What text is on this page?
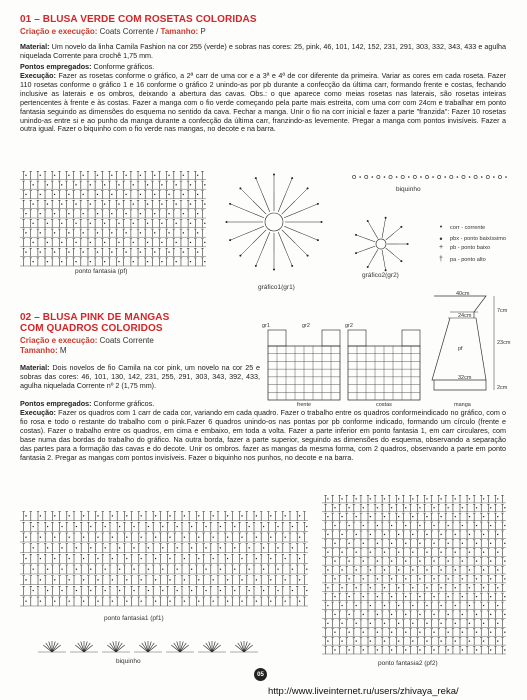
01 – BLUSA VERDE COM ROSETAS COLORIDAS
Criação e execução: Coats Corrente / Tamanho: P
Material: Um novelo da linha Camila Fashion na cor 255 (verde) e sobras nas cores: 25, pink, 46, 101, 142, 152, 231, 291, 303, 332, 343, 433 e agulha niquelada Corrente para crochê 1,75 mm.
Pontos empregados: Conforme gráficos.
Execução: Fazer as rosetas conforme o gráfico, a 2ª carr de uma cor e a 3ª e 4ª de cor diferente da primeira. Variar as cores em cada roseta. Fazer 110 rosetas conforme o gráfico 1 e 16 conforme o gráfico 2 unindo-as por pb durante a confecção da última carr, formando frente e costas, fechando inclusive as laterais e os ombros, deixando a abertura das cavas. Obs.: o que aparece como meias rosetas nas laterais, são rosetas inteiras pertencentes à frente e às costas. Fazer a manga com o fio verde começando pela parte mais estreita, com uma corr com 24cm e trabalhar em ponto fantasia seguindo as dimensões do esquema no sentido da cava. Fechar a manga. Unir o fio na corr inicial e fazer a parte "franzida": Fazer 10 rosetas unindo-as entre si e ao punho da manga durante a confecção da última carr, franzindo-as levemente. Pregar a manga com pontos invisíveis. Fazer a outra igual. Fazer o biquinho com o fio verde nas mangas, no decote e na barra.
ponto fantasia (pf)
gráfico1(gr1)
biquinho
gráfico2(gr2)
•	corr - corrente
•	pbx - ponto baixíssimo
+	pb - ponto baixo
†	pa - ponto alto
02 – BLUSA PINK DE MANGAS
COM QUADROS COLORIDOS
Criação e execução: Coats Corrente
Tamanho: M
Material: Dois novelos de fio Camila na cor pink, um novelo na cor 25 e sobras das cores: 46, 101, 130, 142, 231, 255, 291, 303, 343, 392, 433, agulha niquelada Corrente nº 2 (1,75 mm).
Pontos empregados: Conforme gráficos.
Execução: Fazer os quadros com 1 carr de cada cor, variando em cada quadro. Fazer o trabalho entre os quadros conformeindicado no gráfico, com o fio rosa e todo o restante do trabalho com o pink.Fazer 6 quadros unindo-os nas pontas por pb conforme indicado, formando um círculo (frente e costas). Fazer o trabalho entre os quadros, em cima e embaixo, em toda a volta. Fazer a parte inferior em ponto fantasia 1, em carr circulares, com base numa das bordas do trabalho do gráfico. Na outra borda, fazer a parte superior, seguindo as dimensões do esquema, observando a separação das partes para a formação das cavas e do decote. Unir os ombros. fazer as mangas da mesma forma, com 2 quadros, observando a parte em ponto fantasia 2. Pregar as mangas com pontos invisíveis. Fazer o biquinho nos punhos, no decote e na barra.
gr1	gr2
frente
gr2
costas
40cm
24cm
7cm
23cm
pf
32cm
2cm
manga
ponto fantasia1 (pf1)
biquinho	ponto fantasia2 (pf2)
05
http://www.liveinternet.ru/users/zhivaya_reka/
